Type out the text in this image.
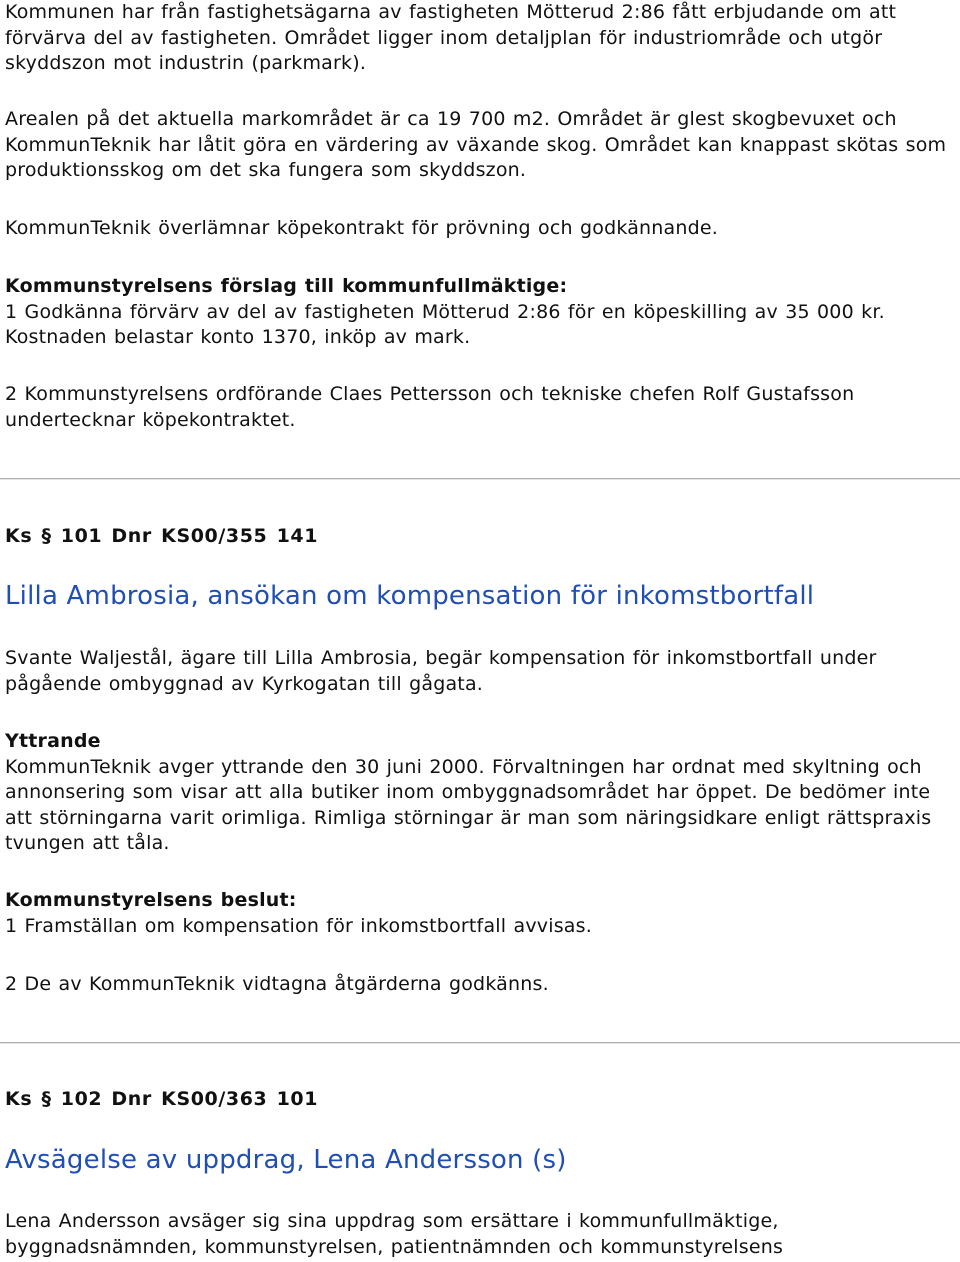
Kommunen har från fastighetsägarna av fastigheten Mötterud 2:86 fått erbjudande om att förvärva del av fastigheten. Området ligger inom detaljplan för industriområde och utgör skyddszon mot industrin (parkmark).

Arealen på det aktuella markområdet är ca 19 700 m2. Området är glest skogbevuxet och KommunTeknik har låtit göra en värdering av växande skog. Området kan knappast skötas som produktionsskog om det ska fungera som skyddszon.

KommunTeknik överlämnar köpekontrakt för prövning och godkännande.

Kommunstyrelsens förslag till kommunfullmäktige:

1 Godkänna förvärv av del av fastigheten Mötterud 2:86 för en köpeskilling av 35 000 kr. Kostnaden belastar konto 1370, inköp av mark.

2 Kommunstyrelsens ordförande Claes Pettersson och tekniske chefen Rolf Gustafsson undertecknar köpekontraktet.

Ks § 101 Dnr KS00/355 141

Lilla Ambrosia, ansökan om kompensation för inkomstbortfall

Svante Waljestål, ägare till Lilla Ambrosia, begär kompensation för inkomstbortfall under pågående ombyggnad av Kyrkogatan till gågata.

Yttrande

KommunTeknik avger yttrande den 30 juni 2000. Förvaltningen har ordnat med skyltning och annonsering som visar att alla butiker inom ombyggnadsområdet har öppet. De bedömer inte att störningarna varit orimliga. Rimliga störningar är man som näringsidkare enligt rättspraxis tvungen att tåla.

Kommunstyrelsens beslut:

1 Framställan om kompensation för inkomstbortfall avvisas.

2 De av KommunTeknik vidtagna åtgärderna godkänns.

Ks § 102 Dnr KS00/363 101

Avsägelse av uppdrag, Lena Andersson (s)

Lena Andersson avsäger sig sina uppdrag som ersättare i kommunfullmäktige, byggnadsnämnden, kommunstyrelsen, patientnämnden och kommunstyrelsens
